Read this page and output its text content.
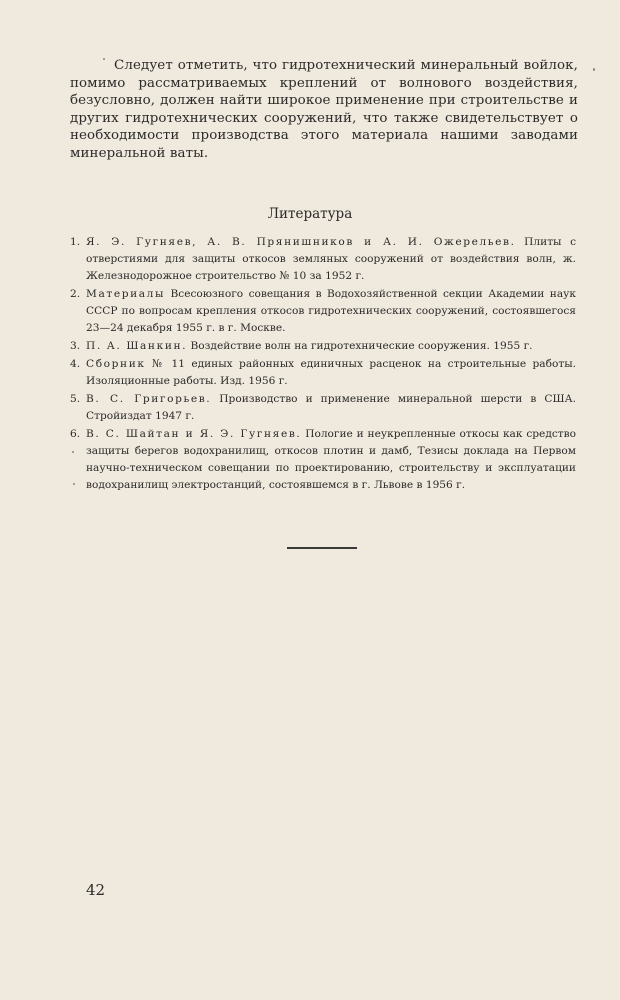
Следует отметить, что гидротехнический минеральный войлок, помимо рассматриваемых креплений от волнового воздействия, безусловно, должен найти широкое применение при строительстве и других гидротехнических сооружений, что также свидетельствует о необходимости производства этого материала нашими заводами минеральной ваты.

Литература
1. Я. Э. Гугняев, А. В. Прянишников и А. И. Ожерельев. Плиты с отверстиями для защиты откосов земляных сооружений от воздействия волн, ж. Железнодорожное строительство № 10 за 1952 г.
2. Материалы Всесоюзного совещания в Водохозяйственной секции Академии наук СССР по вопросам крепления откосов гидротехнических сооружений, состоявшегося 23—24 декабря 1955 г. в г. Москве.
3. П. А. Шанкин. Воздействие волн на гидротехнические сооружения. 1955 г.
4. Сборник № 11 единых районных единичных расценок на строительные работы. Изоляционные работы. Изд. 1956 г.
5. В. С. Григорьев. Производство и применение минеральной шерсти в США. Стройиздат 1947 г.
6. В. С. Шайтан и Я. Э. Гугняев. Пологие и неукрепленные откосы как средство защиты берегов водохранилищ, откосов плотин и дамб, Тезисы доклада на Первом научно-техническом совещании по проектированию, строительству и эксплуатации водохранилищ электростанций, состоявшемся в г. Львове в 1956 г.
42
